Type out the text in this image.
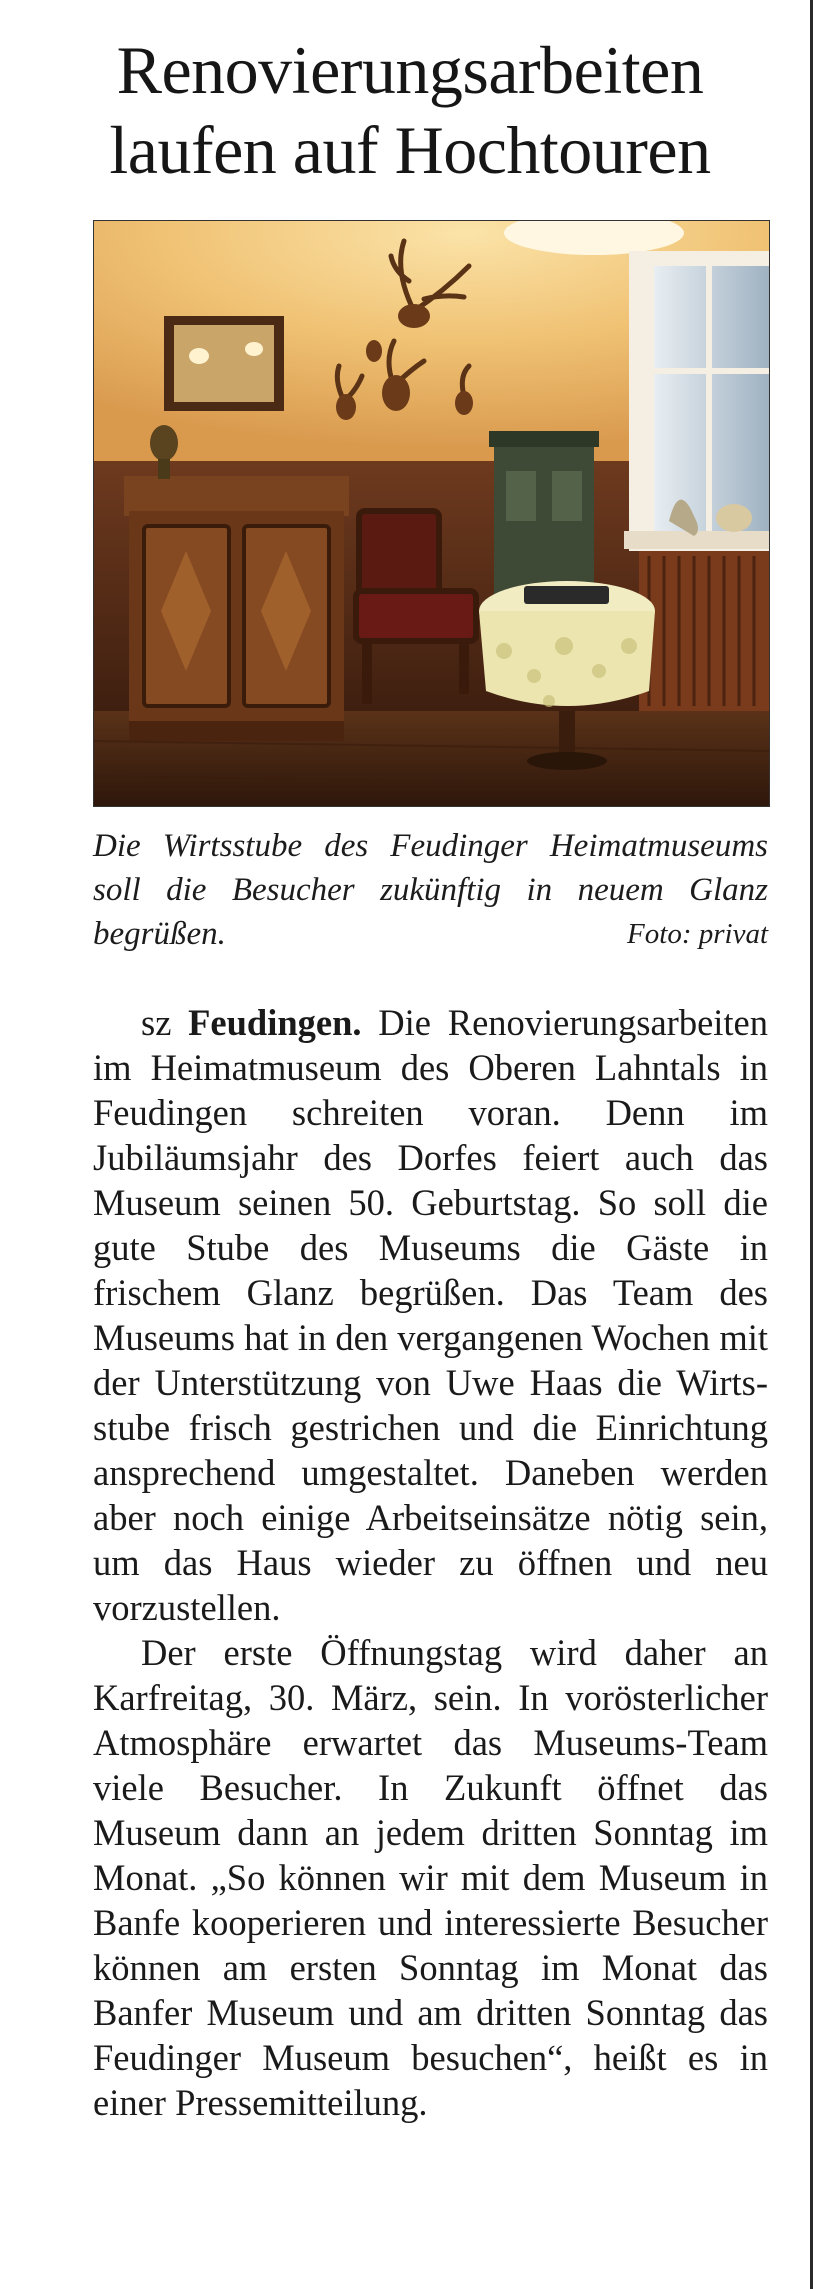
Renovierungsarbeiten
laufen auf Hochtouren

Die Wirtsstube des Feudinger Heimatmuseums soll die Besucher zukünftig in neuem Glanz begrüßen.	Foto: privat

sz Feudingen. Die Renovierungsarbeiten im Heimatmuseum des Oberen Lahntals in Feudingen schreiten voran. Denn im Jubiläumsjahr des Dorfes feiert auch das Museum seinen 50. Geburtstag. So soll die gute Stube des Museums die Gäste in frischem Glanz begrüßen. Das Team des Museums hat in den vergangenen Wochen mit der Unterstützung von Uwe Haas die Wirtsstube frisch gestrichen und die Einrichtung ansprechend umgestaltet. Daneben werden aber noch einige Arbeitseinsätze nötig sein, um das Haus wieder zu öffnen und neu vorzustellen.

Der erste Öffnungstag wird daher an Karfreitag, 30. März, sein. In vorösterlicher Atmosphäre erwartet das Museums-Team viele Besucher. In Zukunft öffnet das Museum dann an jedem dritten Sonntag im Monat. „So können wir mit dem Museum in Banfe kooperieren und interessierte Besucher können am ersten Sonntag im Monat das Banfer Museum und am dritten Sonntag das Feudinger Museum besuchen“, heißt es in einer Pressemitteilung.
